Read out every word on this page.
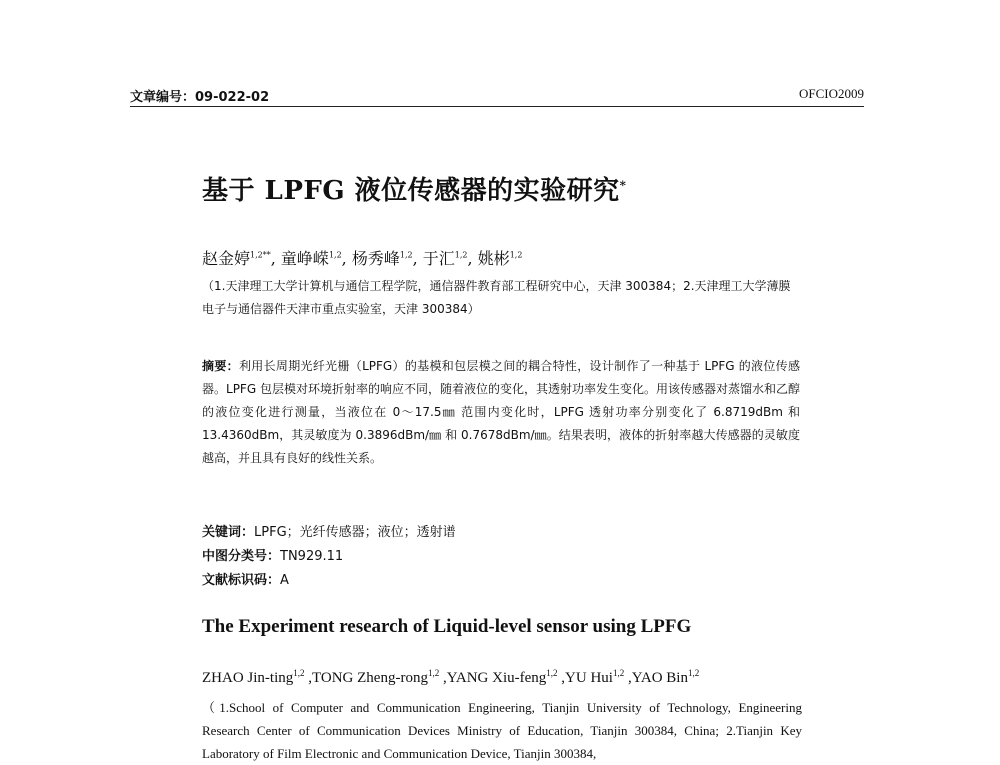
文章编号：09-022-02	OFCIO2009
基于 LPFG 液位传感器的实验研究*
赵金婷$^{1,2**}$, 童峥嵘$^{1,2}$, 杨秀峰$^{1,2}$, 于汇$^{1,2}$, 姚彬$^{1,2}$
（1.天津理工大学计算机与通信工程学院，通信器件教育部工程研究中心，天津 300384；2.天津理工大学薄膜电子与通信器件天津市重点实验室，天津 300384）
摘要：利用长周期光纤光栅（LPFG）的基模和包层模之间的耦合特性，设计制作了一种基于 LPFG 的液位传感器。LPFG 包层模对环境折射率的响应不同，随着液位的变化，其透射功率发生变化。用该传感器对蒸馏水和乙醇的液位变化进行测量，当液位在 0～17.5㎜ 范围内变化时，LPFG 透射功率分别变化了 6.8719dBm 和 13.4360dBm，其灵敏度为 0.3896dBm/㎜ 和 0.7678dBm/㎜。结果表明，液体的折射率越大传感器的灵敏度越高，并且具有良好的线性关系。
关键词：LPFG；光纤传感器；液位；透射谱
中图分类号：TN929.11
文献标识码：A
The Experiment research of Liquid-level sensor using LPFG
ZHAO Jin-ting$^{1,2}$ ,TONG Zheng-rong$^{1,2}$ ,YANG Xiu-feng$^{1,2}$ ,YU Hui$^{1,2}$ ,YAO Bin$^{1,2}$
（1.School of Computer and Communication Engineering, Tianjin University of Technology, Engineering Research Center of Communication Devices Ministry of Education, Tianjin 300384, China; 2.Tianjin Key Laboratory of Film Electronic and Communication Device, Tianjin 300384,
